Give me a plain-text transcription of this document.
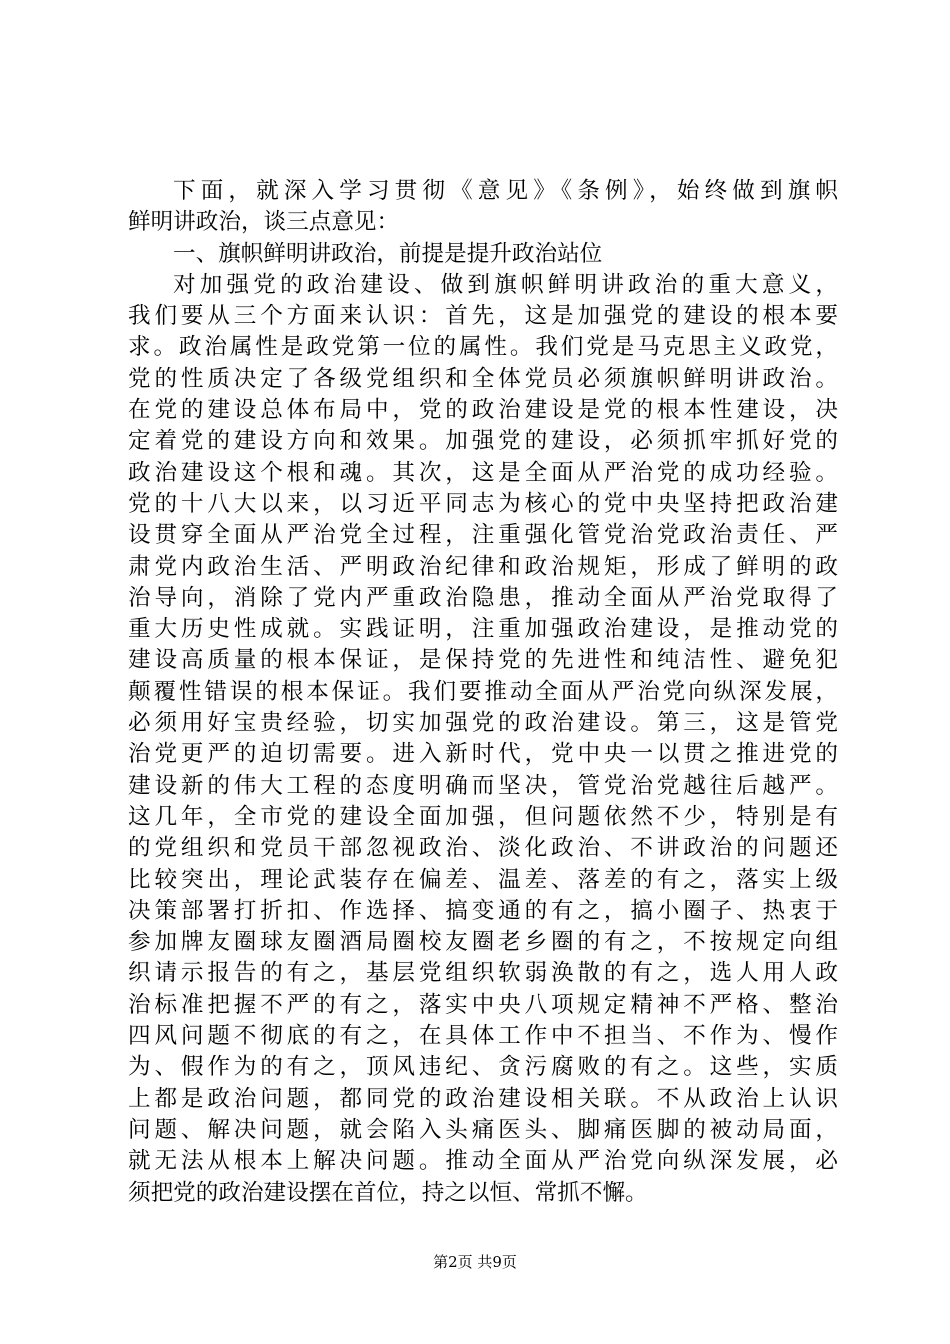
下面，就深入学习贯彻《意见》《条例》，始终做到旗帜
鲜明讲政治，谈三点意见：
一、旗帜鲜明讲政治，前提是提升政治站位
对加强党的政治建设、做到旗帜鲜明讲政治的重大意义，
我们要从三个方面来认识：首先，这是加强党的建设的根本要
求。政治属性是政党第一位的属性。我们党是马克思主义政党，
党的性质决定了各级党组织和全体党员必须旗帜鲜明讲政治。
在党的建设总体布局中，党的政治建设是党的根本性建设，决
定着党的建设方向和效果。加强党的建设，必须抓牢抓好党的
政治建设这个根和魂。其次，这是全面从严治党的成功经验。
党的十八大以来，以习近平同志为核心的党中央坚持把政治建
设贯穿全面从严治党全过程，注重强化管党治党政治责任、严
肃党内政治生活、严明政治纪律和政治规矩，形成了鲜明的政
治导向，消除了党内严重政治隐患，推动全面从严治党取得了
重大历史性成就。实践证明，注重加强政治建设，是推动党的
建设高质量的根本保证，是保持党的先进性和纯洁性、避免犯
颠覆性错误的根本保证。我们要推动全面从严治党向纵深发展，
必须用好宝贵经验，切实加强党的政治建设。第三，这是管党
治党更严的迫切需要。进入新时代，党中央一以贯之推进党的
建设新的伟大工程的态度明确而坚决，管党治党越往后越严。
这几年，全市党的建设全面加强，但问题依然不少，特别是有
的党组织和党员干部忽视政治、淡化政治、不讲政治的问题还
比较突出，理论武装存在偏差、温差、落差的有之，落实上级
决策部署打折扣、作选择、搞变通的有之，搞小圈子、热衷于
参加牌友圈球友圈酒局圈校友圈老乡圈的有之，不按规定向组
织请示报告的有之，基层党组织软弱涣散的有之，选人用人政
治标准把握不严的有之，落实中央八项规定精神不严格、整治
四风问题不彻底的有之，在具体工作中不担当、不作为、慢作
为、假作为的有之，顶风违纪、贪污腐败的有之。这些，实质
上都是政治问题，都同党的政治建设相关联。不从政治上认识
问题、解决问题，就会陷入头痛医头、脚痛医脚的被动局面，
就无法从根本上解决问题。推动全面从严治党向纵深发展，必
须把党的政治建设摆在首位，持之以恒、常抓不懈。
第2页 共9页
